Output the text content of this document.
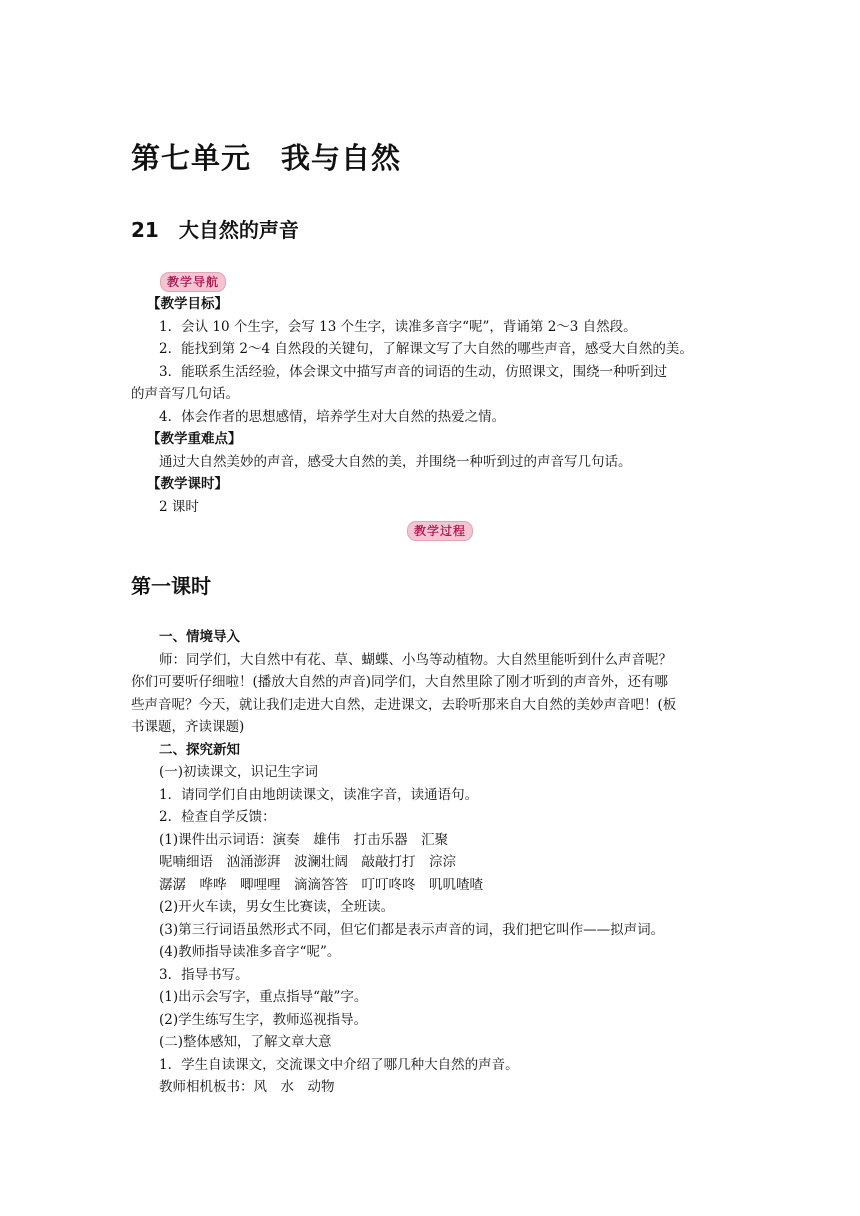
第七单元　我与自然
21　大自然的声音
教学导航
【教学目标】
1．会认 10 个生字，会写 13 个生字，读准多音字“呢”，背诵第 2～3 自然段。
2．能找到第 2～4 自然段的关键句，了解课文写了大自然的哪些声音，感受大自然的美。
3．能联系生活经验，体会课文中描写声音的词语的生动，仿照课文，围绕一种听到过
的声音写几句话。
4．体会作者的思想感情，培养学生对大自然的热爱之情。
【教学重难点】
通过大自然美妙的声音，感受大自然的美，并围绕一种听到过的声音写几句话。
【教学课时】
2 课时
教学过程
第一课时
一、情境导入
师：同学们，大自然中有花、草、蝴蝶、小鸟等动植物。大自然里能听到什么声音呢？
你们可要听仔细啦！(播放大自然的声音)同学们，大自然里除了刚才听到的声音外，还有哪
些声音呢？今天，就让我们走进大自然，走进课文，去聆听那来自大自然的美妙声音吧！(板
书课题，齐读课题)
二、探究新知
(一)初读课文，识记生字词
1．请同学们自由地朗读课文，读准字音，读通语句。
2．检查自学反馈：
(1)课件出示词语：演奏　雄伟　打击乐器　汇聚
呢喃细语　汹涌澎湃　波澜壮阔　敲敲打打　淙淙
潺潺　哗哗　唧哩哩　滴滴答答　叮叮咚咚　叽叽喳喳
(2)开火车读，男女生比赛读，全班读。
(3)第三行词语虽然形式不同，但它们都是表示声音的词，我们把它叫作——拟声词。
(4)教师指导读准多音字“呢”。
3．指导书写。
(1)出示会写字，重点指导“敲”字。
(2)学生练写生字，教师巡视指导。
(二)整体感知，了解文章大意
1．学生自读课文，交流课文中介绍了哪几种大自然的声音。
教师相机板书：风　水　动物
